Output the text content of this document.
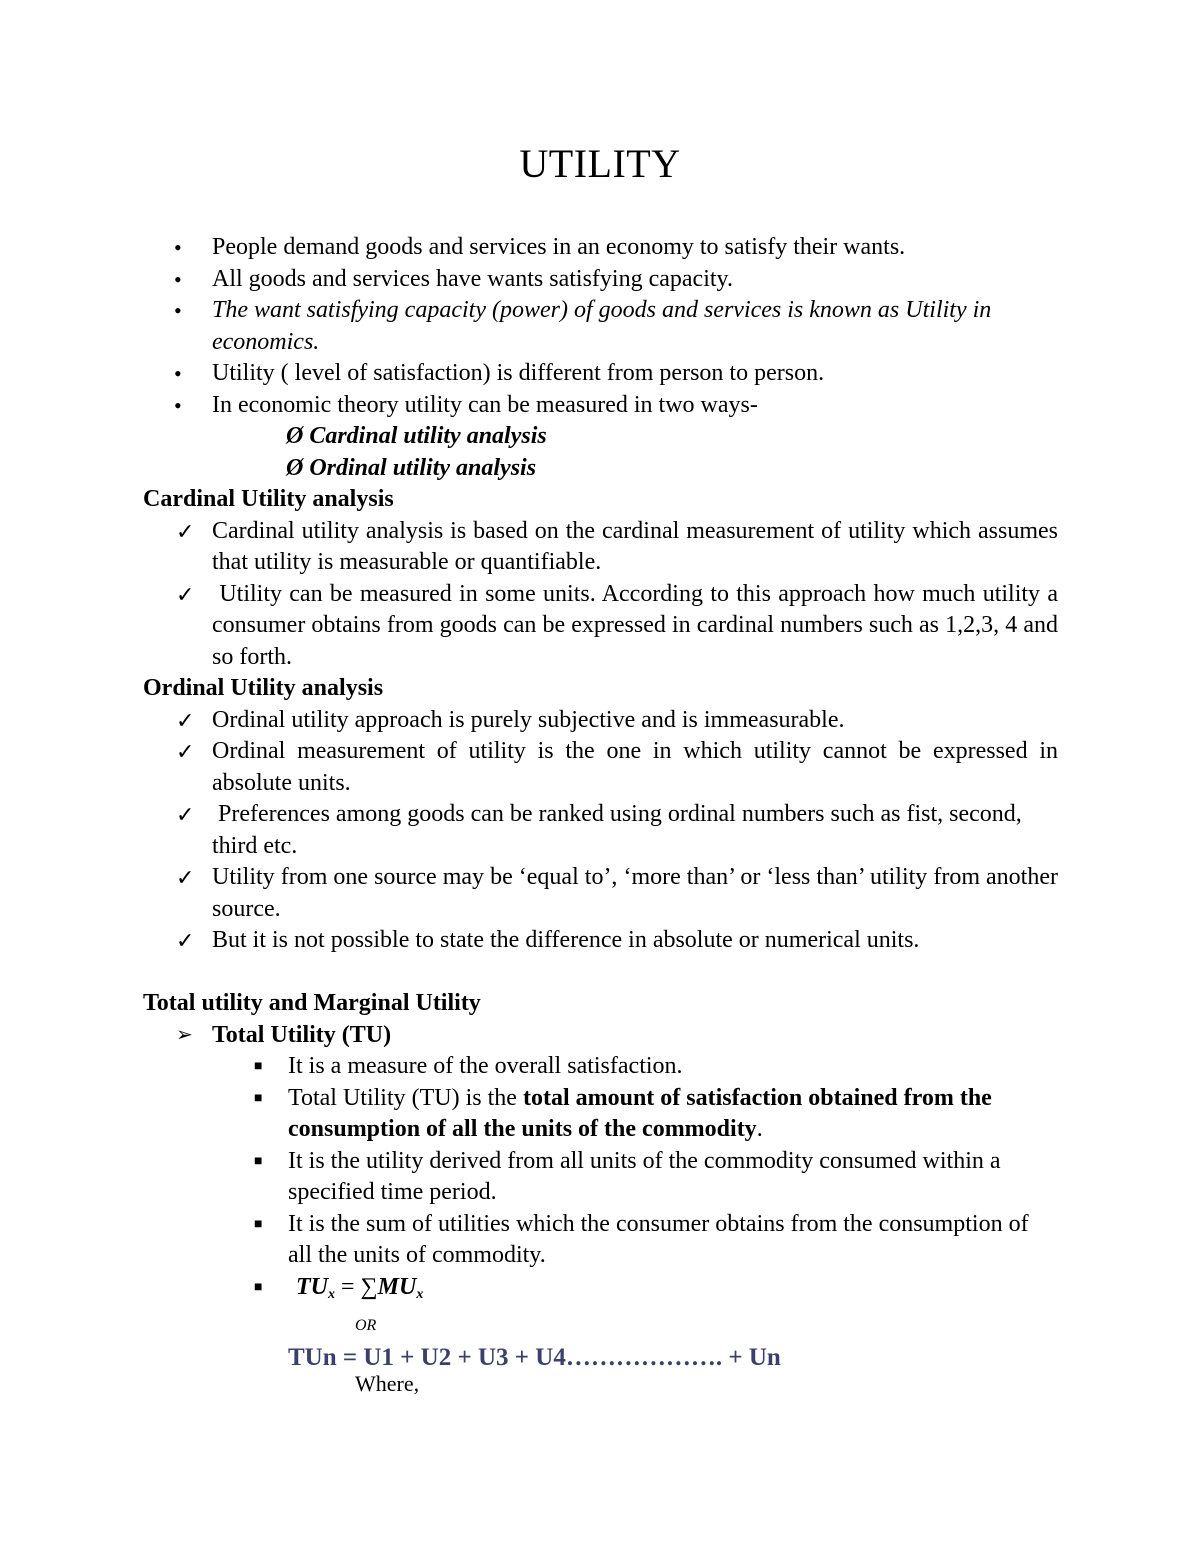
UTILITY
• People demand goods and services in an economy to satisfy their wants.
• All goods and services have wants satisfying capacity.
• The want satisfying capacity (power) of goods and services is known as Utility in economics.
• Utility ( level of satisfaction) is different from person to person.
• In economic theory utility can be measured in two ways-
Ø Cardinal utility analysis
Ø Ordinal utility analysis
Cardinal Utility analysis
✓ Cardinal utility analysis is based on the cardinal measurement of utility which assumes that utility is measurable or quantifiable.
✓ Utility can be measured in some units. According to this approach how much utility a consumer obtains from goods can be expressed in cardinal numbers such as 1,2,3, 4 and so forth.
Ordinal Utility analysis
✓ Ordinal utility approach is purely subjective and is immeasurable.
✓ Ordinal measurement of utility is the one in which utility cannot be expressed in absolute units.
✓ Preferences among goods can be ranked using ordinal numbers such as fist, second, third etc.
✓ Utility from one source may be ‘equal to’, ‘more than’ or ‘less than’ utility from another source.
✓ But it is not possible to state the difference in absolute or numerical units.
Total utility and Marginal Utility
➢ Total Utility (TU)
■ It is a measure of the overall satisfaction.
■ Total Utility (TU) is the total amount of satisfaction obtained from the consumption of all the units of the commodity.
■ It is the utility derived from all units of the commodity consumed within a specified time period.
■ It is the sum of utilities which the consumer obtains from the consumption of all the units of commodity.
■ $TU_x = \sum MU_x$
OR
TUn = U1 + U2 + U3 + U4………………. + Un
Where,
